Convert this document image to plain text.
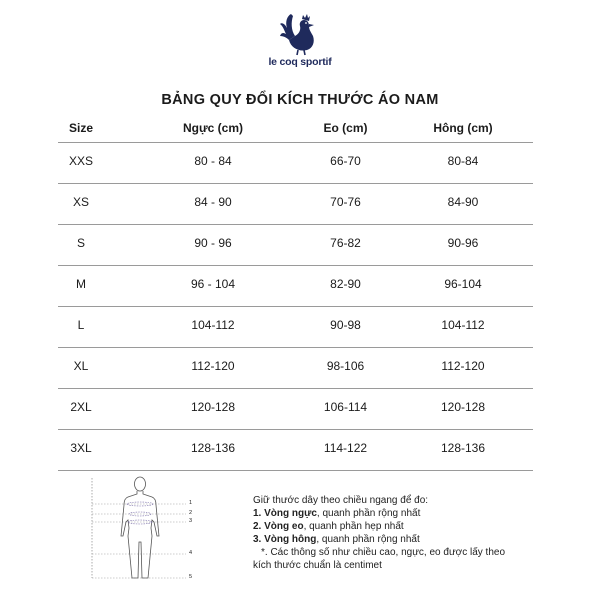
le coq sportif
BẢNG QUY ĐỔI KÍCH THƯỚC ÁO NAM
Size	Ngực (cm)	Eo (cm)	Hông (cm)
XXS	80 - 84	66-70	80-84
XS	84 - 90	70-76	84-90
S	90 - 96	76-82	90-96
M	96 - 104	82-90	96-104
L	104-112	90-98	104-112
XL	112-120	98-106	112-120
2XL	120-128	106-114	120-128
3XL	128-136	114-122	128-136
1
2
3
4
5
Giữ thước dây theo chiều ngang để đo:
1. Vòng ngực, quanh phần rộng nhất
2. Vòng eo, quanh phần hẹp nhất
3. Vòng hông, quanh phần rộng nhất
*. Các thông số như chiều cao, ngực, eo được lấy theo
kích thước chuẩn là centimet
